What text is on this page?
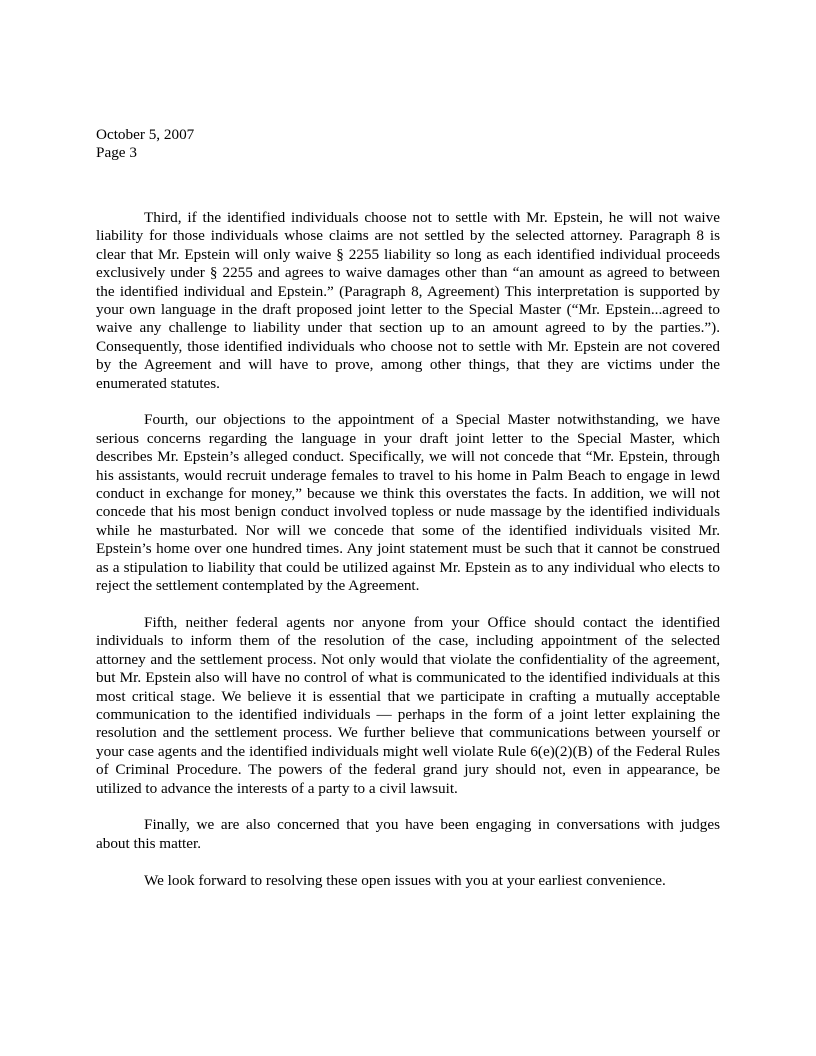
October 5, 2007
Page 3

Third, if the identified individuals choose not to settle with Mr. Epstein, he will not waive liability for those individuals whose claims are not settled by the selected attorney. Paragraph 8 is clear that Mr. Epstein will only waive § 2255 liability so long as each identified individual proceeds exclusively under § 2255 and agrees to waive damages other than “an amount as agreed to between the identified individual and Epstein.” (Paragraph 8, Agreement) This interpretation is supported by your own language in the draft proposed joint letter to the Special Master (“Mr. Epstein...agreed to waive any challenge to liability under that section up to an amount agreed to by the parties.”). Consequently, those identified individuals who choose not to settle with Mr. Epstein are not covered by the Agreement and will have to prove, among other things, that they are victims under the enumerated statutes.

Fourth, our objections to the appointment of a Special Master notwithstanding, we have serious concerns regarding the language in your draft joint letter to the Special Master, which describes Mr. Epstein’s alleged conduct. Specifically, we will not concede that “Mr. Epstein, through his assistants, would recruit underage females to travel to his home in Palm Beach to engage in lewd conduct in exchange for money,” because we think this overstates the facts. In addition, we will not concede that his most benign conduct involved topless or nude massage by the identified individuals while he masturbated. Nor will we concede that some of the identified individuals visited Mr. Epstein’s home over one hundred times. Any joint statement must be such that it cannot be construed as a stipulation to liability that could be utilized against Mr. Epstein as to any individual who elects to reject the settlement contemplated by the Agreement.

Fifth, neither federal agents nor anyone from your Office should contact the identified individuals to inform them of the resolution of the case, including appointment of the selected attorney and the settlement process. Not only would that violate the confidentiality of the agreement, but Mr. Epstein also will have no control of what is communicated to the identified individuals at this most critical stage. We believe it is essential that we participate in crafting a mutually acceptable communication to the identified individuals — perhaps in the form of a joint letter explaining the resolution and the settlement process. We further believe that communications between yourself or your case agents and the identified individuals might well violate Rule 6(e)(2)(B) of the Federal Rules of Criminal Procedure. The powers of the federal grand jury should not, even in appearance, be utilized to advance the interests of a party to a civil lawsuit.

Finally, we are also concerned that you have been engaging in conversations with judges about this matter.

We look forward to resolving these open issues with you at your earliest convenience.
